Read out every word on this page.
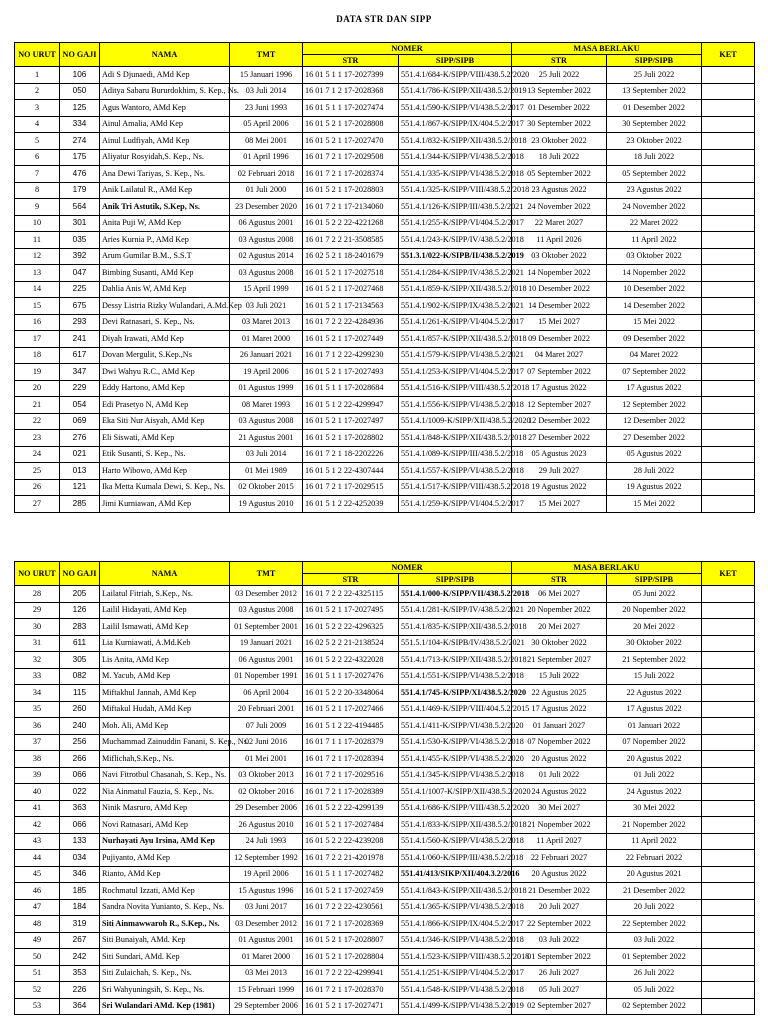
DATA STR DAN SIPP
NO URUT	NO GAJI	NAMA	TMT	NOMER		MASA BERLAKU		KET
				STR	SIPP/SIPB	STR	SIPP/SIPB	
1	106	Adi S Djunaedi, AMd Kep	15 Januari 1996	16 01 5 1 1 17-2027399	551.4.1/684-K/SIPP/VIII/438.5.2/2020	25 Juli 2022	25 Juli 2022	
2	050	Aditya Sabaru Bururdokhim, S. Kep., Ns.	03 Juli 2014	16 01 7 1 2 17-2028368	551.4.1/786-K/SIPP/XII/438.5.2/2019	13 September 2022	13 September 2022	
3	125	Agus Wantoro, AMd Kep	23 Juni 1993	16 01 5 1 1 17-2027474	551.4.1/590-K/SIPP/VI/438.5.2/2017	01 Desember 2022	01 Desember 2022	
4	334	Ainul Amalia, AMd Kep	05 April 2006	16 01 5 2 1 17-2028808	551.4.1/867-K/SIPP/IX/404.5.2/2017	30 September 2022	30 September 2022	
5	274	Ainul Ludfiyah, AMd Kep	08 Mei 2001	16 01 5 2 1 17-2027470	551.4.1/832-K/SIPP/XII/438.5.2/2018	23 Oktober 2022	23 Oktober 2022	
6	175	Aliyatur Rosyidah,S. Kep., Ns.	01 April 1996	16 01 7 2 1 17-2029508	551.4.1/344-K/SIPP/VI/438.5.2/2018	18 Juli 2022	18 Juli 2022	
7	476	Ana Dewi Tariyas, S. Kep., Ns.	02 Februari 2018	16 01 7 2 1 17-2028374	551.4.1/335-K/SIPP/VI/438.5.2/2018	05 September 2022	05 September 2022	
8	179	Anik Lailatul R., AMd Kep	01 Juli 2000	16 01 5 2 1 17-2028803	551.4.1/325-K/SIPP/VIII/438.5.2/2018	23 Agustus 2022	23 Agustus 2022	
9	564	Anik Tri Astutik, S.Kep, Ns.	23 Desember 2020	16 01 7 2 1 17-2134060	551.4.1/126-K/SIPP/III/438.5.2/2021	24 November 2022	24 November 2022	
10	301	Anita Puji W, AMd Kep	06 Agustus 2001	16 01 5 2 2 22-4221268	551.4.1/255-K/SIPP/VI/404.5.2/2017	22 Maret 2027	22 Maret 2022	
11	035	Aries Kurnia P., AMd Kep	03 Agustus 2008	16 01 7 2 2 21-3508585	551.4.1/243-K/SIPP/IV/438.5.2/2018	11 April 2026	11 April 2022	
12	392	Arum Gumilar B.M., S.S.T	02 Agustus 2014	16 02 5 2 1 18-2401679	551.3.1/022-K/SIPB/II/438.5.2/2019	03 Oktober 2022	03 Oktober 2022	
13	047	Bimbing Susanti, AMd Kep	03 Agustus 2008	16 01 5 2 1 17-2027518	551.4.1/284-K/SIPP/IV/438.5.2/2021	14 Nopember 2022	14 Nopember 2022	
14	225	Dahlia Anis W, AMd Kep	15 April 1999	16 01 5 2 1 17-2027468	551.4.1/859-K/SIPP/XII/438.5.2/2018	10 Desember 2022	10 Desember 2022	
15	675	Dessy Listria Rizky Wulandari, A.Md.Kep	03 Juli 2021	16 01 5 2 1 17-2134563	551.4.1/902-K/SIPP/IX/438.5.2/2021	14 Desember 2022	14 Desember 2022	
16	293	Devi Ratnasari, S. Kep., Ns.	03 Maret 2013	16 01 7 2 2 22-4284936	551.4.1/261-K/SIPP/VI/404.5.2/2017	15 Mei 2027	15 Mei 2022	
17	241	Diyah Irawati, AMd Kep	01 Maret 2000	16 01 5 2 1 17-2027449	551.4.1/857-K/SIPP/XII/438.5.2/2018	09 Desember 2022	09 Desember 2022	
18	617	Dovan Mergulit, S.Kep.,Ns	26 Januari 2021	16 01 7 1 2 22-4299230	551.4.1/579-K/SIPP/VI/438.5.2/2021	04 Maret 2027	04 Maret 2022	
19	347	Dwi Wahyu R.C., AMd Kep	19 April 2006	16 01 5 2 1 17-2027493	551.4.1/253-K/SIPP/VI/404.5.2/2017	07 September 2022	07 September 2022	
20	229	Eddy Hartono, AMd Kep	01 Agustus 1999	16 01 5 1 1 17-2028684	551.4.1/516-K/SIPP/VIII/438.5.2/2018	17 Agustus 2022	17 Agustus 2022	
21	054	Edi Prasetyo N, AMd Kep	08 Maret 1993	16 01 5 1 2 22-4299947	551.4.1/556-K/SIPP/VI/438.5.2/2018	12 September 2027	12 September 2022	
22	069	Eka Siti Nur Aisyah, AMd Kep	03 Agustus 2008	16 01 5 2 1 17-2027497	551.4.1/1009-K/SIPP/XII/438.5.2/2020	12 Desember 2022	12 Desember 2022	
23	276	Eli Siswati, AMd Kep	21 Agustus 2001	16 01 5 2 1 17-2028802	551.4.1/848-K/SIPP/XII/438.5.2/2018	27 Desember 2022	27 Desember 2022	
24	021	Etik Susanti, S. Kep., Ns.	03 Juli 2014	16 01 7 2 1 18-2202226	551.4.1/089-K/SIPP/III/438.5.2/2018	05 Agustus 2023	05 Agustus 2022	
25	013	Harto Wibowo, AMd Kep	01 Mei 1989	16 01 5 1 2 22-4307444	551.4.1/557-K/SIPP/VI/438.5.2/2018	29 Juli 2027	28 Juli 2022	
26	121	Ika Metta Kumala Dewi, S. Kep., Ns.	02 Oktober 2015	16 01 7 2 1 17-2029515	551.4.1/517-K/SIPP/VIII/438.5.2/2018	19 Agustus 2022	19 Agustus 2022	
27	285	Jimi Kurniawan, AMd Kep	19 Agustus 2010	16 01 5 1 2 22-4252039	551.4.1/259-K/SIPP/VI/404.5.2/2017	15 Mei 2027	15 Mei 2022	
NO URUT	NO GAJI	NAMA	TMT	NOMER		MASA BERLAKU		KET
				STR	SIPP/SIPB	STR	SIPP/SIPB	
28	205	Lailatul Fitriah, S.Kep., Ns.	03 Desember 2012	16 01 7 2 2 22-4325115	551.4.1/000-K/SIPP/VII/438.5.2/2018	06 Mei 2027	05 Juni 2022	
29	126	Lailil Hidayati, AMd Kep	03 Agustus 2008	16 01 5 2 1 17-2027495	551.4.1/281-K/SIPP/IV/438.5.2/2021	20 Nopember 2022	20 Nopember 2022	
30	283	Lailil Ismawati, AMd Kep	01 September 2001	16 01 5 2 2 22-4296325	551.4.1/835-K/SIPP/XII/438.5.2/2018	20 Mei 2027	20 Mei 2022	
31	611	Lia Kurniawati, A.Md.Keb	19 Januari 2021	16 02 5 2 2 21-2138524	551.5.1/104-K/SIPB/IV/438.5.2/2021	30 Oktober 2022	30 Oktober 2022	
32	305	Lis Anita, AMd Kep	06 Agustus 2001	16 01 5 2 2 22-4322028	551.4.1/713-K/SIPP/XII/438.5.2/2018	21 September 2027	21 September 2022	
33	082	M. Yacub, AMd Kep	01 Nopember 1991	16 01 5 1 1 17-2027476	551.4.1/551-K/SIPP/VI/438.5.2/2018	15 Juli 2022	15 Juli 2022	
34	115	Miftakhul Jannah, AMd Kep	06 April 2004	16 01 5 2 2 20-3348064	551.4.1/745-K/SIPP/XI/438.5.2/2020	22 Agustus 2025	22 Agustus 2022	
35	260	Miftakul Hudah, AMd Kep	20 Februari 2001	16 01 5 2 1 17-2027466	551.4.1/469-K/SIPP/VIII/404.5.2/2015	17 Agustus 2022	17 Agustus 2022	
36	240	Moh. Ali, AMd Kep	07 Juli 2009	16 01 5 1 2 22-4194485	551.4.1/411-K/SIPP/VI/438.5.2/2020	01 Januari 2027	01 Januari 2022	
37	256	Muchammad Zainuddin Fanani, S. Kep., Ns.	02 Juni 2016	16 01 7 1 1 17-2028379	551.4.1/530-K/SIPP/VI/438.5.2/2018	07 Nopember 2022	07 Nopember 2022	
38	266	Miflichah,S.Kep., Ns.	01 Mei 2001	16 01 7 2 1 17-2028394	551.4.1/455-K/SIPP/VI/438.5.2/2020	20 Agustus 2022	20 Agustus 2022	
39	066	Navi Fitrotbul Chasanah, S. Kep., Ns.	03 Oktober 2013	16 01 7 2 1 17-2029516	551.4.1/345-K/SIPP/VI/438.5.2/2018	01 Juli 2022	01 Juli 2022	
40	022	Nia Ainmatul Fauzia, S. Kep., Ns.	02 Oktober 2016	16 01 7 2 1 17-2028389	551.4.1/1007-K/SIPP/XII/438.5.2/2020	24 Agustus 2022	24 Agustus 2022	
41	363	Ninik Masruro, AMd Kep	29 Desember 2006	16 01 5 2 2 22-4299139	551.4.1/686-K/SIPP/VIII/438.5.2/2020	30 Mei 2027	30 Mei 2022	
42	066	Novi Ratnasari, AMd Kep	26 Agustus 2010	16 01 5 2 1 17-2027484	551.4.1/833-K/SIPP/XII/438.5.2/2018	21 Nopember 2022	21 Nopember 2022	
43	133	Nurhayati Ayu Irsina, AMd Kep	24 Juli 1993	16 01 5 2 2 22-4239208	551.4.1/560-K/SIPP/VI/438.5.2/2018	11 April 2027	11 April 2022	
44	034	Pujiyanto, AMd Kep	12 September 1992	16 01 7 2 2 21-4201978	551.4.1/060-K/SIPP/III/438.5.2/2018	22 Februari 2027	22 Februari 2022	
45	346	Rianto, AMd Kep	19 April 2006	16 01 5 1 1 17-2027482	551.41/413/SIKP/XII/404.3.2/2016	20 Agustus 2022	20 Agustus 2021	
46	185	Rochmatul Izzati, AMd Kep	15 Agustus 1996	16 01 5 2 1 17-2027459	551.4.1/843-K/SIPP/XII/438.5.2/2018	21 Desember 2022	21 Desember 2022	
47	184	Sandra Novita Yunianto, S. Kep., Ns.	03 Juni 2017	16 01 7 2 2 22-4230561	551.4.1/365-K/SIPP/VI/438.5.2/2018	20 Juli 2027	20 Juli 2022	
48	319	Siti Ainmawwaroh R., S.Kep., Ns.	03 Desember 2012	16 01 7 2 1 17-2028369	551.4.1/866-K/SIPP/IX/404.5.2/2017	22 September 2022	22 September 2022	
49	267	Siti Bunaiyah, AMd. Kep	01 Agustus 2001	16 01 5 2 1 17-2028807	551.4.1/346-K/SIPP/VI/438.5.2/2018	03 Juli 2022	03 Juli 2022	
50	242	Siti Sundari, AMd. Kep	01 Maret 2000	16 01 5 2 1 17-2028804	551.4.1/523-K/SIPP/VIII/438.5.2/2018	01 September 2022	01 September 2022	
51	353	Siti Zulaichah, S. Kep., Ns.	03 Mei 2013	16 01 7 2 2 22-4299941	551.4.1/251-K/SIPP/VI/404.5.2/2017	26 Juli 2027	26 Juli 2022	
52	226	Sri Wahyuningsih, S. Kep., Ns.	15 Februari 1999	16 01 7 2 1 17-2028370	551.4.1/548-K/SIPP/VI/438.5.2/2018	05 Juli 2027	05 Juli 2022	
53	364	Sri Wulandari AMd. Kep (1981)	29 September 2006	16 01 5 2 1 17-2027471	551.4.1/499-K/SIPP/VI/438.5.2/2019	02 September 2027	02 September 2022	
